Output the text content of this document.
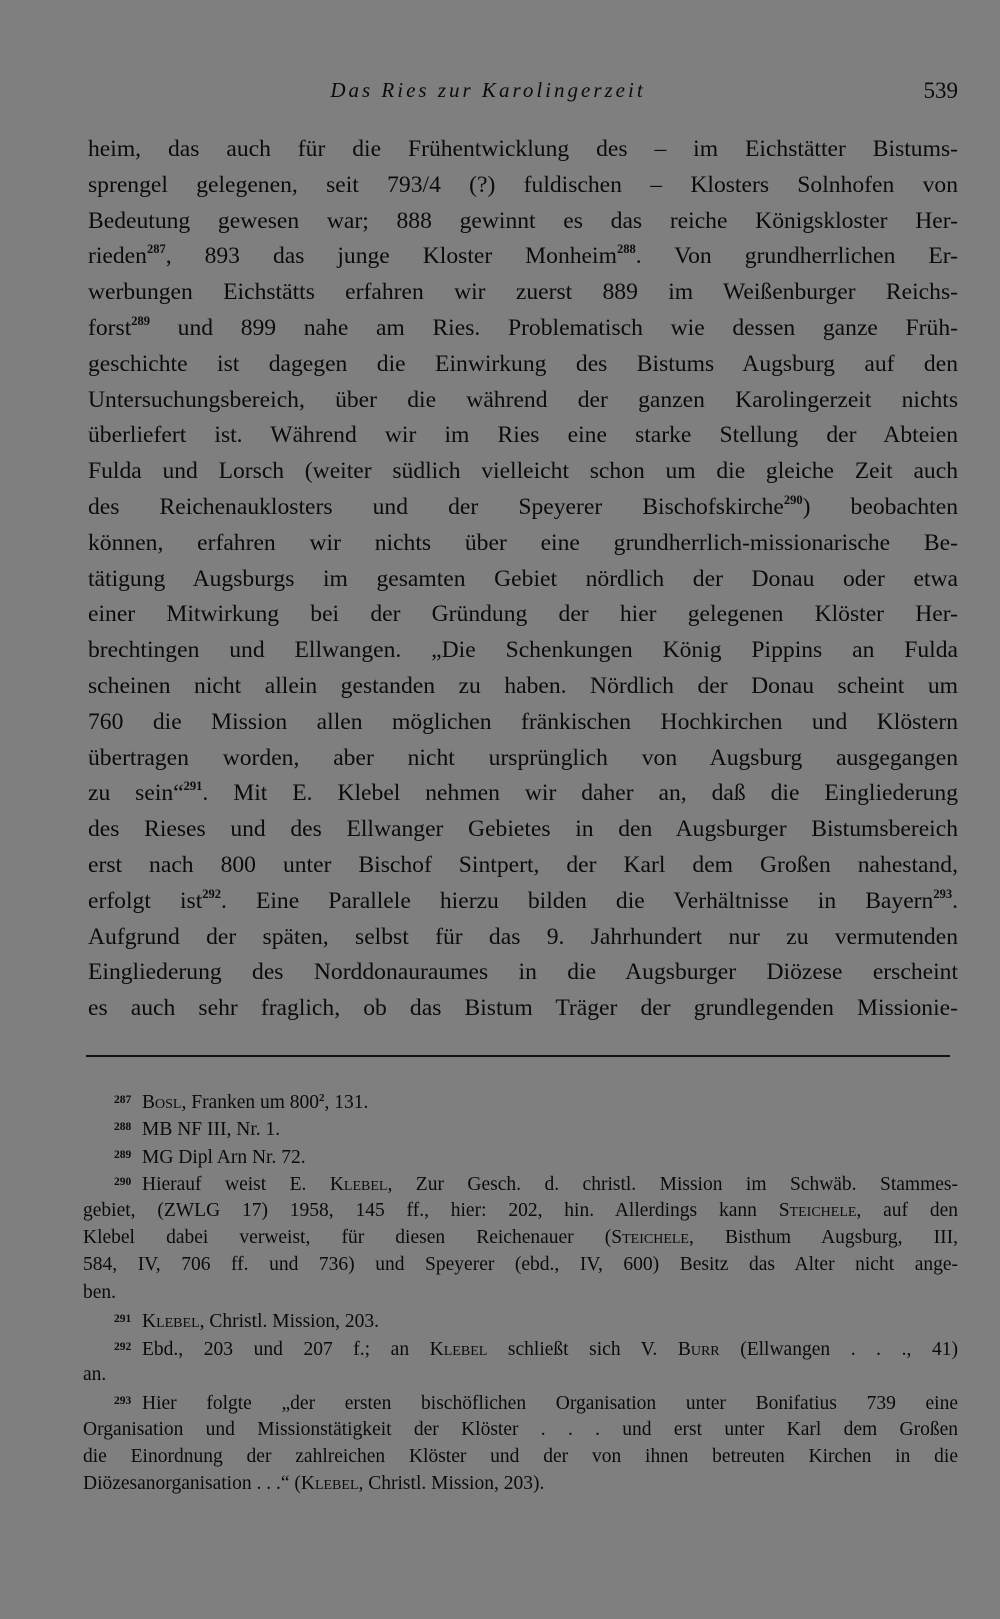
Das Ries zur Karolingerzeit	539
heim, das auch für die Frühentwicklung des – im Eichstätter Bistums-
sprengel gelegenen, seit 793/4 (?) fuldischen – Klosters Solnhofen von
Bedeutung gewesen war; 888 gewinnt es das reiche Königskloster Her-
rieden$^{287}$, 893 das junge Kloster Monheim$^{288}$. Von grundherrlichen Er-
werbungen Eichstätts erfahren wir zuerst 889 im Weißenburger Reichs-
forst$^{289}$ und 899 nahe am Ries. Problematisch wie dessen ganze Früh-
geschichte ist dagegen die Einwirkung des Bistums Augsburg auf den
Untersuchungsbereich, über die während der ganzen Karolingerzeit nichts
überliefert ist. Während wir im Ries eine starke Stellung der Abteien
Fulda und Lorsch (weiter südlich vielleicht schon um die gleiche Zeit auch
des Reichenauklosters und der Speyerer Bischofskirche$^{290}$) beobachten
können, erfahren wir nichts über eine grundherrlich-missionarische Be-
tätigung Augsburgs im gesamten Gebiet nördlich der Donau oder etwa
einer Mitwirkung bei der Gründung der hier gelegenen Klöster Her-
brechtingen und Ellwangen. „Die Schenkungen König Pippins an Fulda
scheinen nicht allein gestanden zu haben. Nördlich der Donau scheint um
760 die Mission allen möglichen fränkischen Hochkirchen und Klöstern
übertragen worden, aber nicht ursprünglich von Augsburg ausgegangen
zu sein“$^{291}$. Mit E. Klebel nehmen wir daher an, daß die Eingliederung
des Rieses und des Ellwanger Gebietes in den Augsburger Bistumsbereich
erst nach 800 unter Bischof Sintpert, der Karl dem Großen nahestand,
erfolgt ist$^{292}$. Eine Parallele hierzu bilden die Verhältnisse in Bayern$^{293}$.
Aufgrund der späten, selbst für das 9. Jahrhundert nur zu vermutenden
Eingliederung des Norddonauraumes in die Augsburger Diözese erscheint
es auch sehr fraglich, ob das Bistum Träger der grundlegenden Missionie-
287 Bosl, Franken um $800^2$, 131.
288 MB NF III, Nr. 1.
289 MG Dipl Arn Nr. 72.
290 Hierauf weist E. Klebel, Zur Gesch. d. christl. Mission im Schwäb. Stammes-
gebiet, (ZWLG 17) 1958, 145 ff., hier: 202, hin. Allerdings kann Steichele, auf den
Klebel dabei verweist, für diesen Reichenauer (Steichele, Bisthum Augsburg, III,
584, IV, 706 ff. und 736) und Speyerer (ebd., IV, 600) Besitz das Alter nicht ange-
ben.
291 Klebel, Christl. Mission, 203.
292 Ebd., 203 und 207 f.; an Klebel schließt sich V. Burr (Ellwangen . . ., 41)
an.
293 Hier folgte „der ersten bischöflichen Organisation unter Bonifatius 739 eine
Organisation und Missionstätigkeit der Klöster . . . und erst unter Karl dem Großen
die Einordnung der zahlreichen Klöster und der von ihnen betreuten Kirchen in die
Diözesanorganisation . . .“ (Klebel, Christl. Mission, 203).
